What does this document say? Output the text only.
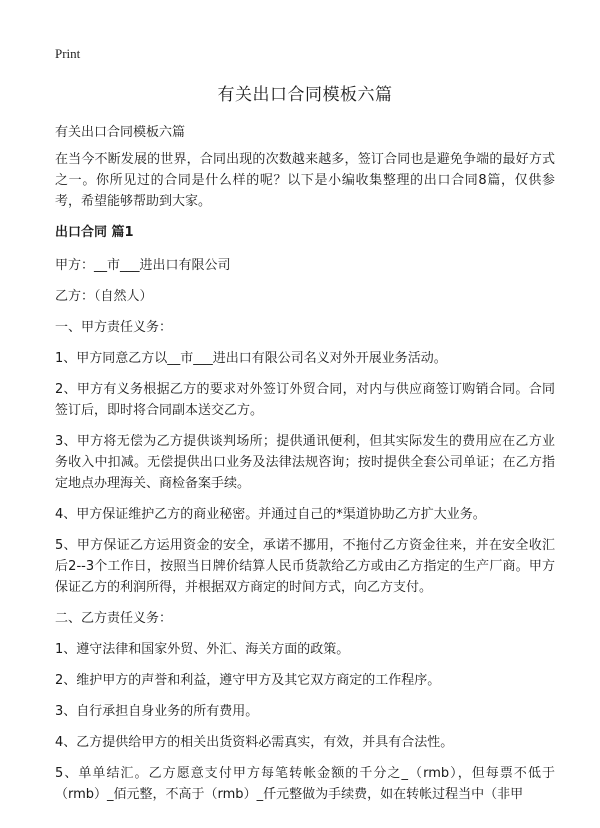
Print
有关出口合同模板六篇

有关出口合同模板六篇

在当今不断发展的世界，合同出现的次数越来越多，签订合同也是避免争端的最好方式之一。你所见过的合同是什么样的呢？以下是小编收集整理的出口合同8篇，仅供参考，希望能够帮助到大家。

出口合同 篇1

甲方：__市___进出口有限公司

乙方：（自然人）

一、甲方责任义务：

1、甲方同意乙方以__市___进出口有限公司名义对外开展业务活动。

2、甲方有义务根据乙方的要求对外签订外贸合同，对内与供应商签订购销合同。合同签订后，即时将合同副本送交乙方。

3、甲方将无偿为乙方提供谈判场所；提供通讯便利，但其实际发生的费用应在乙方业务收入中扣减。无偿提供出口业务及法律法规咨询；按时提供全套公司单证；在乙方指定地点办理海关、商检备案手续。

4、甲方保证维护乙方的商业秘密。并通过自己的*渠道协助乙方扩大业务。

5、甲方保证乙方运用资金的安全，承诺不挪用，不拖付乙方资金往来，并在安全收汇后2--3个工作日，按照当日牌价结算人民币货款给乙方或由乙方指定的生产厂商。甲方保证乙方的利润所得，并根据双方商定的时间方式，向乙方支付。

二、乙方责任义务：

1、遵守法律和国家外贸、外汇、海关方面的政策。

2、维护甲方的声誉和利益，遵守甲方及其它双方商定的工作程序。

3、自行承担自身业务的所有费用。

4、乙方提供给甲方的相关出货资料必需真实，有效，并具有合法性。

5、单单结汇。乙方愿意支付甲方每笔转帐金额的千分之_（rmb），但每票不低于（rmb）_佰元整，不高于（rmb）_仟元整做为手续费，如在转帐过程当中（非甲
